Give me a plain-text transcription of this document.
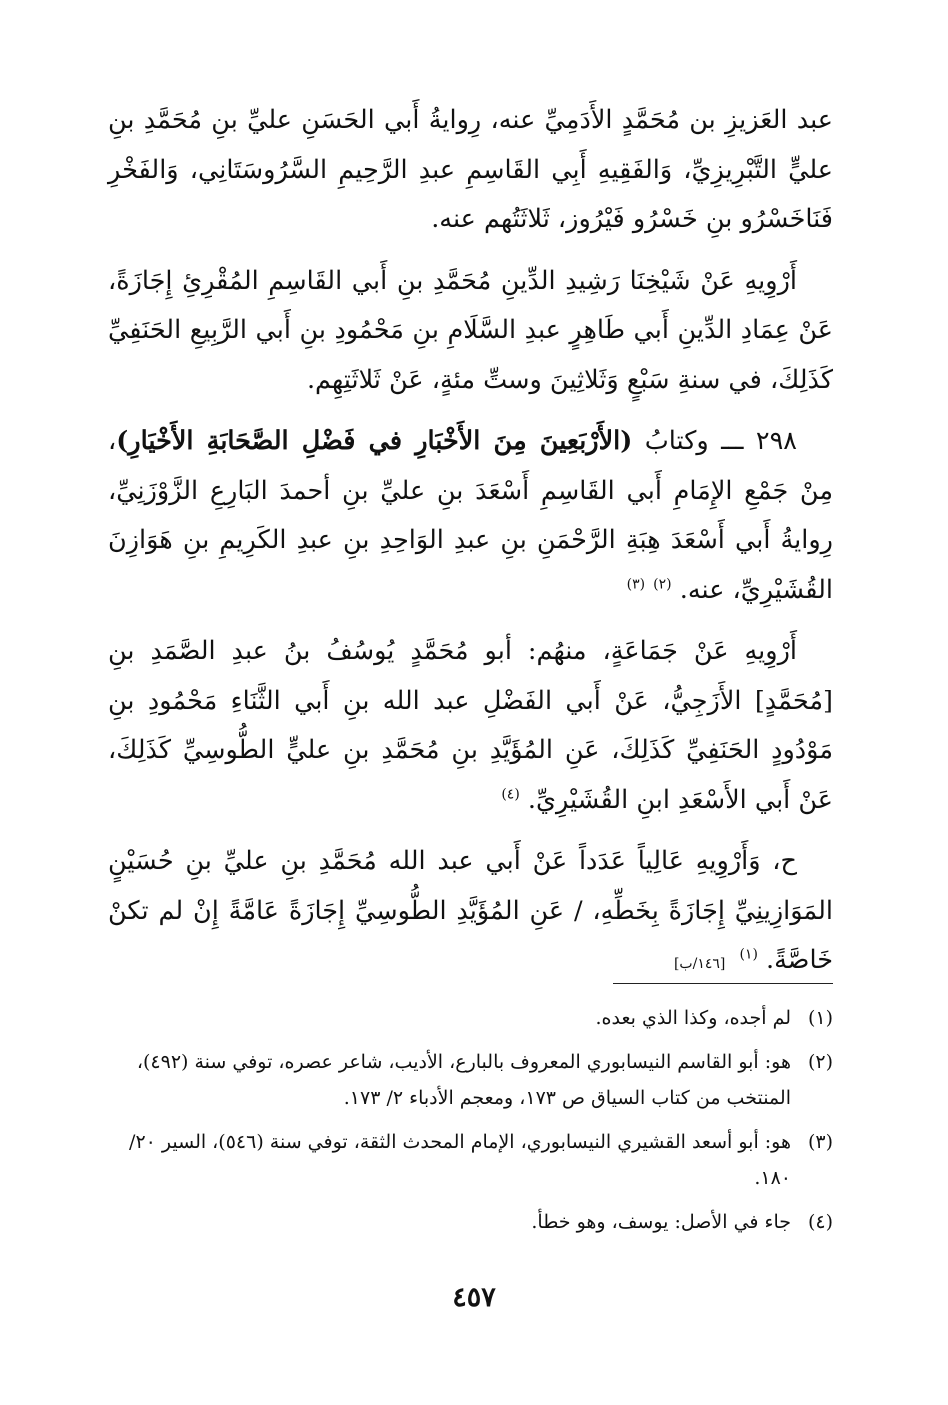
عبد العَزيزِ بن مُحَمَّدٍ الأَدَمِيِّ عنه، رِوايةُ أَبي الحَسَنِ عليِّ بنِ مُحَمَّدِ بنِ عليٍّ التَّبْرِيزِيِّ، وَالفَقِيهِ أَبِي القَاسِمِ عبدِ الرَّحِيمِ السَّرُوسَتَانِي، وَالفَخْرِ فَنَاخَسْرُو بنِ خَسْرُو فَيْرُوز، ثَلاثَتُهم عنه.

أَرْوِيهِ عَنْ شَيْخِنَا رَشِيدِ الدِّينِ مُحَمَّدِ بنِ أَبي القَاسِمِ المُقْرِئِ إِجَازَةً، عَنْ عِمَادِ الدِّينِ أَبي طَاهِرٍ عبدِ السَّلَامِ بنِ مَحْمُودِ بنِ أَبي الرَّبِيعِ الحَنَفِيِّ كَذَلِكَ، في سنةِ سَبْعٍ وَثَلاثِينَ وستِّ مئةٍ، عَنْ ثَلاثَتِهِم.

٢٩٨ ـــ وكتابُ (الأَرْبَعِينَ مِنَ الأَخْبَارِ في فَضْلِ الصَّحَابَةِ الأَخْيَارِ)، مِنْ جَمْعِ الإِمَامِ أَبي القَاسِمِ أَسْعَدَ بنِ عليِّ بنِ أحمدَ البَارِعِ الزَّوْزَنِيِّ، رِوايةُ أَبي أَسْعَدَ هِبَةِ الرَّحْمَنِ بنِ عبدِ الوَاحِدِ بنِ عبدِ الكَرِيمِ بنِ هَوَازِنَ القُشَيْرِيِّ، عنه. $^{(٢)}$ $^{(٣)}$

أَرْوِيهِ عَنْ جَمَاعَةٍ، منهُم: أبو مُحَمَّدٍ يُوسُفُ بنُ عبدِ الصَّمَدِ بنِ [مُحَمَّدٍ] الأَزَجِيُّ، عَنْ أَبي الفَضْلِ عبد الله بنِ أَبي الثَّنَاءِ مَحْمُودِ بنِ مَوْدُودٍ الحَنَفِيِّ كَذَلِكَ، عَنِ المُؤَيَّدِ بنِ مُحَمَّدِ بنِ عليٍّ الطُّوسِيِّ كَذَلِكَ، عَنْ أَبي الأَسْعَدِ ابنِ القُشَيْرِيِّ. $^{(٤)}$

ح، وَأَرْوِيهِ عَالِياً عَدَداً عَنْ أَبي عبد الله مُحَمَّدِ بنِ عليِّ بنِ حُسَيْنٍ المَوَازِينِيِّ إِجَازَةً بِخَطِّهِ، / عَنِ المُؤَيَّدِ الطُّوسِيِّ إِجَازَةً عَامَّةً إِنْ لم تكنْ خَاصَّةً. $^{(١)}$ [١٤٦/ب]

(١)
لم أجده، وكذا الذي بعده.

(٢)
هو: أبو القاسم النيسابوري المعروف بالبارع، الأديب، شاعر عصره، توفي سنة (٤٩٢)، المنتخب من كتاب السياق ص ١٧٣، ومعجم الأدباء ٢/ ١٧٣.

(٣)
هو: أبو أسعد القشيري النيسابوري، الإمام المحدث الثقة، توفي سنة (٥٤٦)، السير ٢٠/ ١٨٠.

(٤)
جاء في الأصل: يوسف، وهو خطأ.

٤٥٧
